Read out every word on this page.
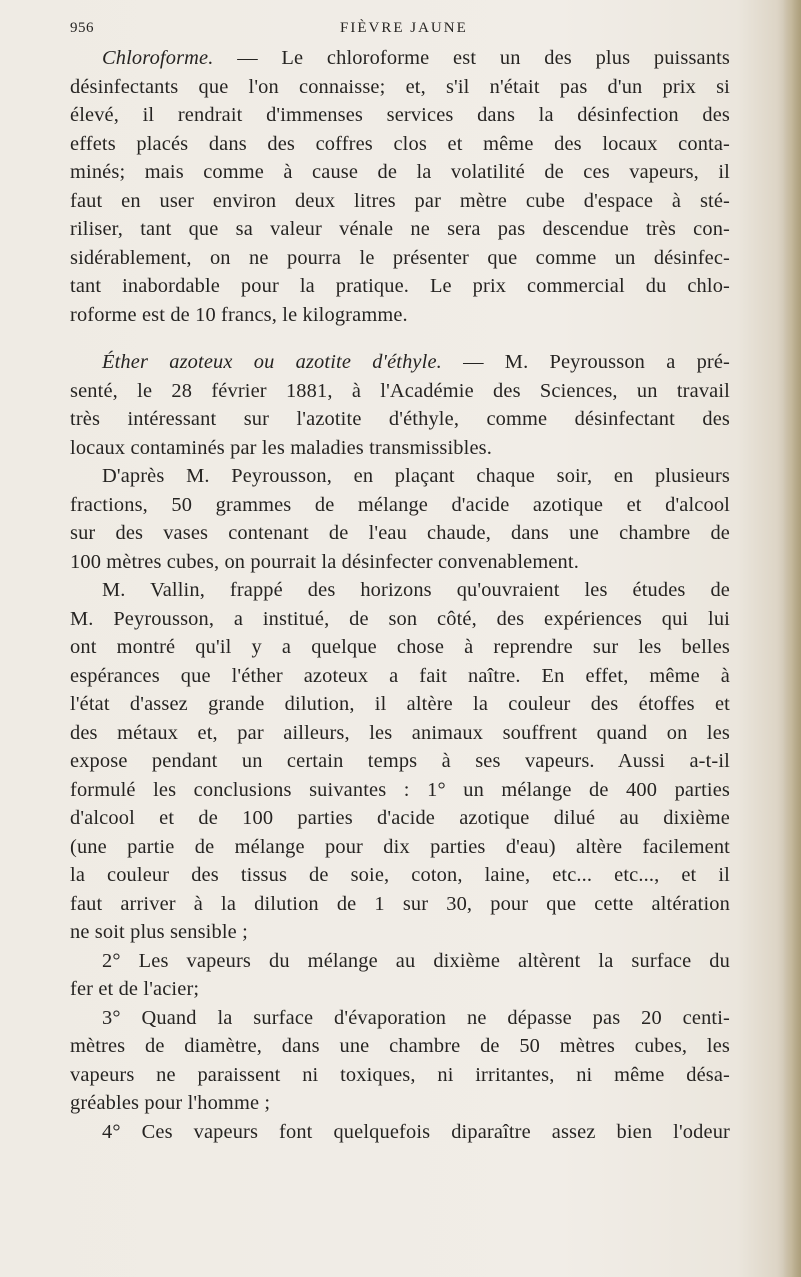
956	FIÈVRE JAUNE
Chloroforme. — Le chloroforme est un des plus puissants
désinfectants que l'on connaisse; et, s'il n'était pas d'un prix si
élevé, il rendrait d'immenses services dans la désinfection des
effets placés dans des coffres clos et même des locaux conta-
minés; mais comme à cause de la volatilité de ces vapeurs, il
faut en user environ deux litres par mètre cube d'espace à sté-
riliser, tant que sa valeur vénale ne sera pas descendue très con-
sidérablement, on ne pourra le présenter que comme un désinfec-
tant inabordable pour la pratique. Le prix commercial du chlo-
roforme est de 10 francs, le kilogramme.
Éther azoteux ou azotite d'éthyle. — M. Peyrousson a pré-
senté, le 28 février 1881, à l'Académie des Sciences, un travail
très intéressant sur l'azotite d'éthyle, comme désinfectant des
locaux contaminés par les maladies transmissibles.
D'après M. Peyrousson, en plaçant chaque soir, en plusieurs
fractions, 50 grammes de mélange d'acide azotique et d'alcool
sur des vases contenant de l'eau chaude, dans une chambre de
100 mètres cubes, on pourrait la désinfecter convenablement.
M. Vallin, frappé des horizons qu'ouvraient les études de
M. Peyrousson, a institué, de son côté, des expériences qui lui
ont montré qu'il y a quelque chose à reprendre sur les belles
espérances que l'éther azoteux a fait naître. En effet, même à
l'état d'assez grande dilution, il altère la couleur des étoffes et
des métaux et, par ailleurs, les animaux souffrent quand on les
expose pendant un certain temps à ses vapeurs. Aussi a-t-il
formulé les conclusions suivantes : 1° un mélange de 400 parties
d'alcool et de 100 parties d'acide azotique dilué au dixième
(une partie de mélange pour dix parties d'eau) altère facilement
la couleur des tissus de soie, coton, laine, etc... etc..., et il
faut arriver à la dilution de 1 sur 30, pour que cette altération
ne soit plus sensible ;
2° Les vapeurs du mélange au dixième altèrent la surface du
fer et de l'acier;
3° Quand la surface d'évaporation ne dépasse pas 20 centi-
mètres de diamètre, dans une chambre de 50 mètres cubes, les
vapeurs ne paraissent ni toxiques, ni irritantes, ni même désa-
gréables pour l'homme ;
4° Ces vapeurs font quelquefois diparaître assez bien l'odeur
